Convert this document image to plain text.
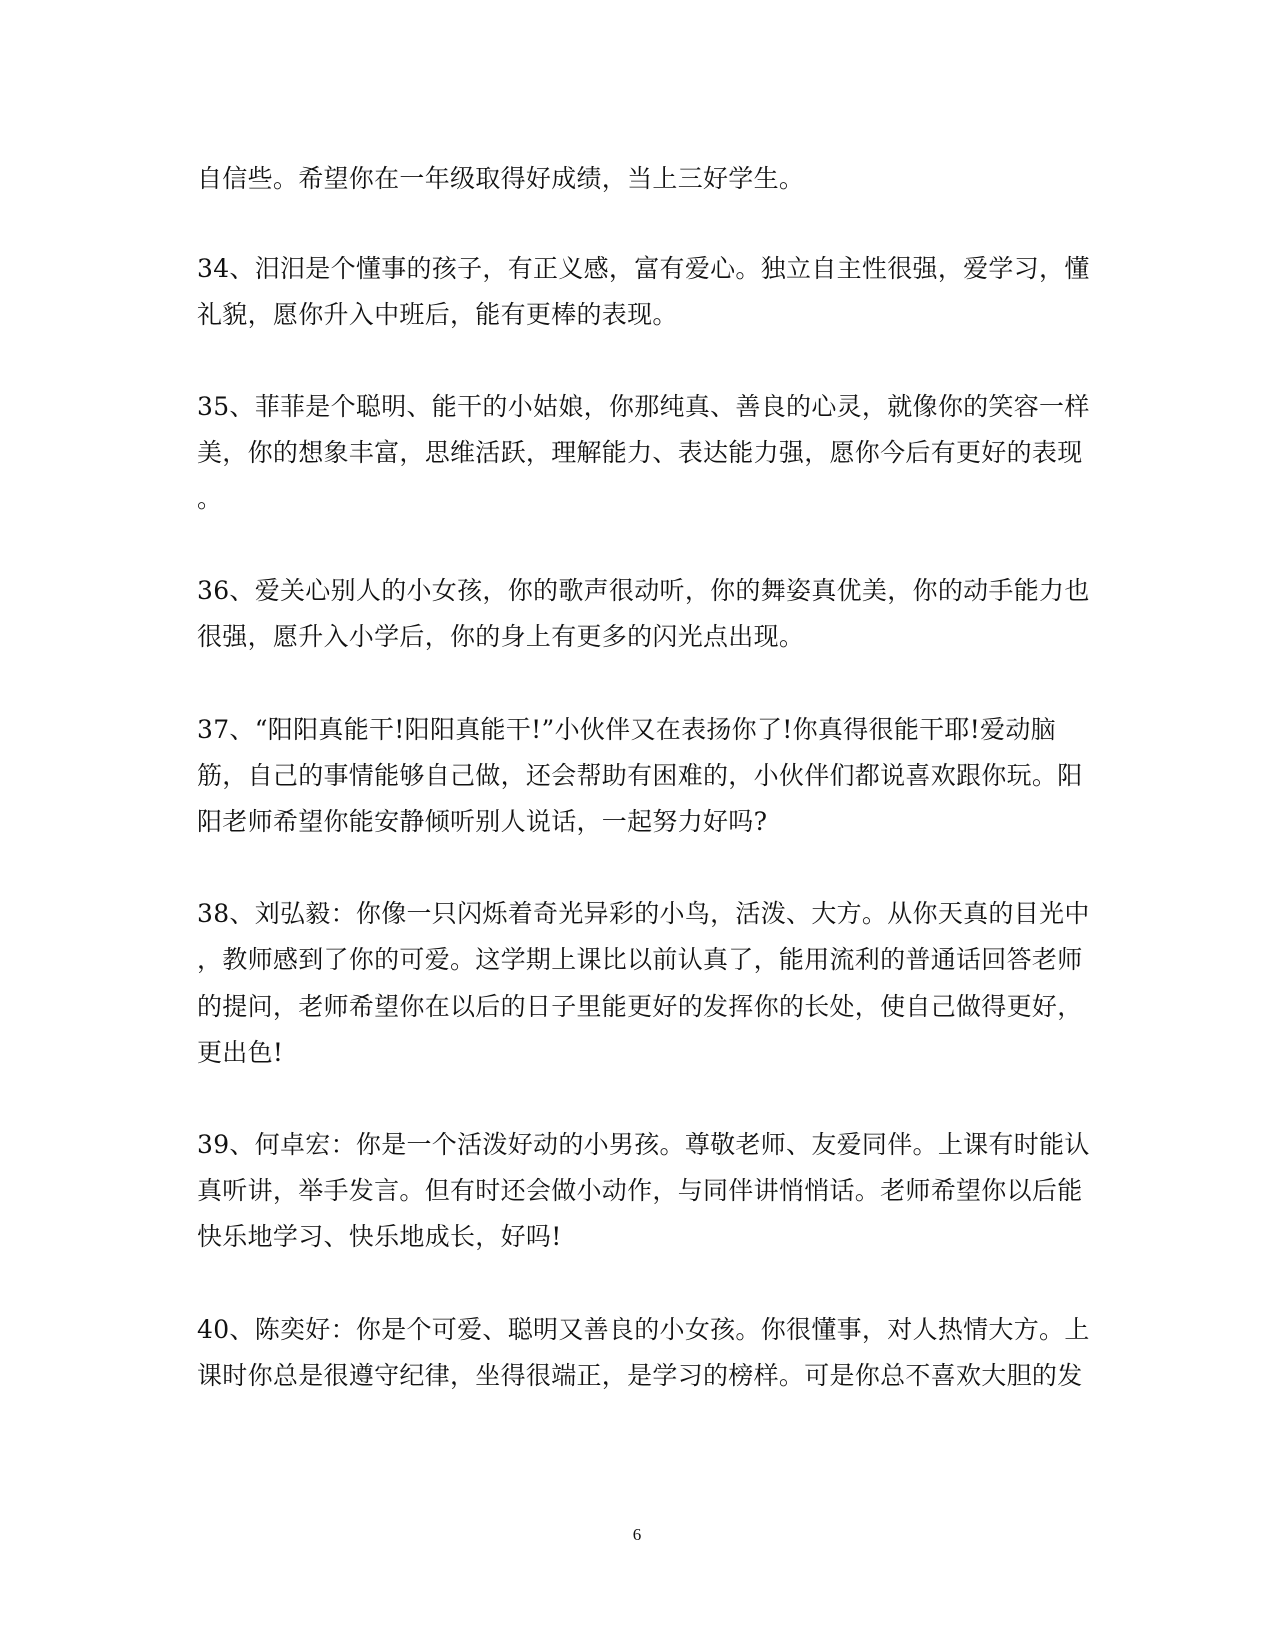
自信些。希望你在一年级取得好成绩，当上三好学生。
34、汨汨是个懂事的孩子，有正义感，富有爱心。独立自主性很强，爱学习，懂
礼貌，愿你升入中班后，能有更棒的表现。
35、菲菲是个聪明、能干的小姑娘，你那纯真、善良的心灵，就像你的笑容一样
美，你的想象丰富，思维活跃，理解能力、表达能力强，愿你今后有更好的表现
。
36、爱关心别人的小女孩，你的歌声很动听，你的舞姿真优美，你的动手能力也
很强，愿升入小学后，你的身上有更多的闪光点出现。
37、“阳阳真能干!阳阳真能干!”小伙伴又在表扬你了!你真得很能干耶!爱动脑
筋，自己的事情能够自己做，还会帮助有困难的，小伙伴们都说喜欢跟你玩。阳
阳老师希望你能安静倾听别人说话，一起努力好吗?
38、刘弘毅：你像一只闪烁着奇光异彩的小鸟，活泼、大方。从你天真的目光中
，教师感到了你的可爱。这学期上课比以前认真了，能用流利的普通话回答老师
的提问，老师希望你在以后的日子里能更好的发挥你的长处，使自己做得更好，
更出色!
39、何卓宏：你是一个活泼好动的小男孩。尊敬老师、友爱同伴。上课有时能认
真听讲，举手发言。但有时还会做小动作，与同伴讲悄悄话。老师希望你以后能
快乐地学习、快乐地成长，好吗!
40、陈奕好：你是个可爱、聪明又善良的小女孩。你很懂事，对人热情大方。上
课时你总是很遵守纪律，坐得很端正，是学习的榜样。可是你总不喜欢大胆的发
6
